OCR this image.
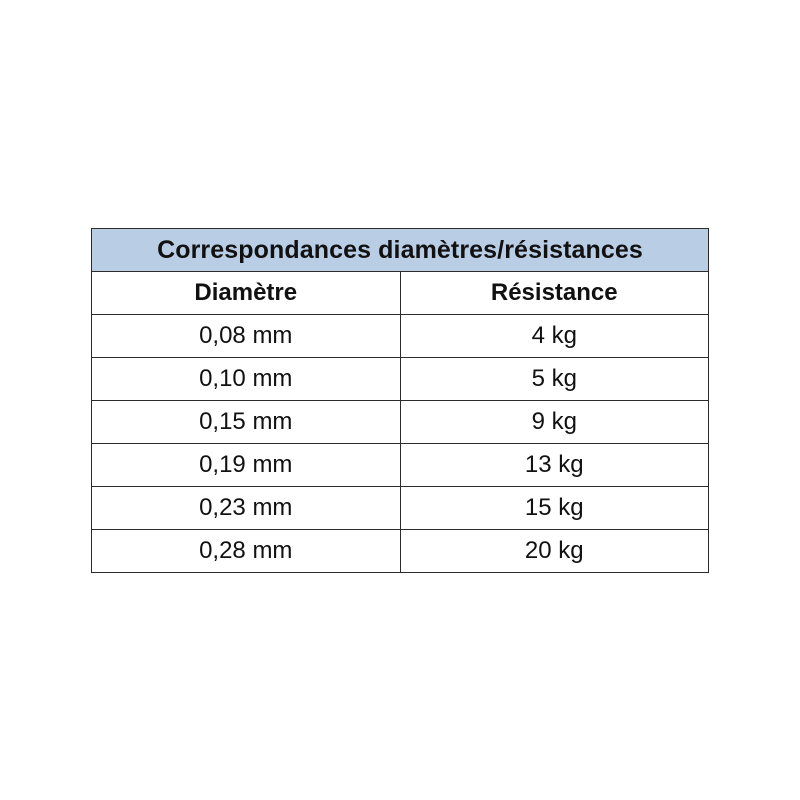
Correspondances diamètres/résistances	
Diamètre	Résistance
0,08 mm	4 kg
0,10 mm	5 kg
0,15 mm	9 kg
0,19 mm	13 kg
0,23 mm	15 kg
0,28 mm	20 kg
